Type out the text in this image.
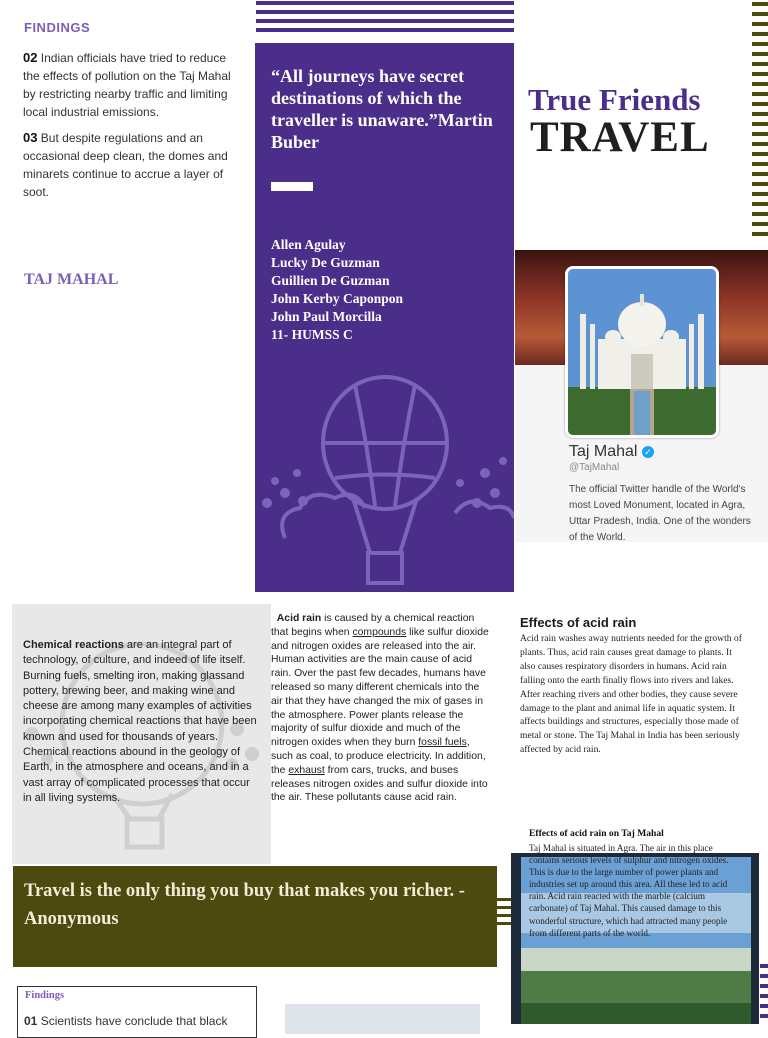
FINDINGS
02 Indian officials have tried to reduce the effects of pollution on the Taj Mahal by restricting nearby traffic and limiting local industrial emissions.
03 But despite regulations and an occasional deep clean, the domes and minarets continue to accrue a layer of soot.
TAJ MAHAL
“All journeys have secret destinations of which the traveller is unaware.”Martin Buber
Allen Agulay
Lucky De Guzman
Guillien De Guzman
John Kerby Caponpon
John Paul Morcilla
11- HUMSS C
True Friends
TRAVEL
Taj Mahal ✓
@TajMahal
The official Twitter handle of the World's most Loved Monument, located in Agra, Uttar Pradesh, India. One of the wonders of the World.
Chemical reactions are an integral part of technology, of culture, and indeed of life itself. Burning fuels, smelting iron, making glassand pottery, brewing beer, and making wine and cheese are among many examples of activities incorporating chemical reactions that have been known and used for thousands of years. Chemical reactions abound in the geology of Earth, in the atmosphere and oceans, and in a vast array of complicated processes that occur in all living systems.
Acid rain is caused by a chemical reaction that begins when compounds like sulfur dioxide and nitrogen oxides are released into the air. Human activities are the main cause of acid rain. Over the past few decades, humans have released so many different chemicals into the air that they have changed the mix of gases in the atmosphere. Power plants release the majority of sulfur dioxide and much of the nitrogen oxides when they burn fossil fuels, such as coal, to produce electricity. In addition, the exhaust from cars, trucks, and buses releases nitrogen oxides and sulfur dioxide into the air. These pollutants cause acid rain.
Effects of acid rain
Acid rain washes away nutrients needed for the growth of plants. Thus, acid rain causes great damage to plants. It also causes respiratory disorders in humans. Acid rain falling onto the earth finally flows into rivers and lakes. After reaching rivers and other bodies, they cause severe damage to the plant and animal life in aquatic system. It affects buildings and structures, especially those made of metal or stone. The Taj Mahal in India has been seriously affected by acid rain.
Effects of acid rain on Taj Mahal
Taj Mahal is situated in Agra. The air in this place contains serious levels of sulphur and nitrogen oxides. This is due to the large number of power plants and industries set up around this area. All these led to acid rain. Acid rain reacted with the marble (calcium carbonate) of Taj Mahal. This caused damage to this wonderful structure, which had attracted many people from different parts of the world.
Travel is the only thing you buy that makes you richer. - Anonymous
Findings
01 Scientists have conclude that black
